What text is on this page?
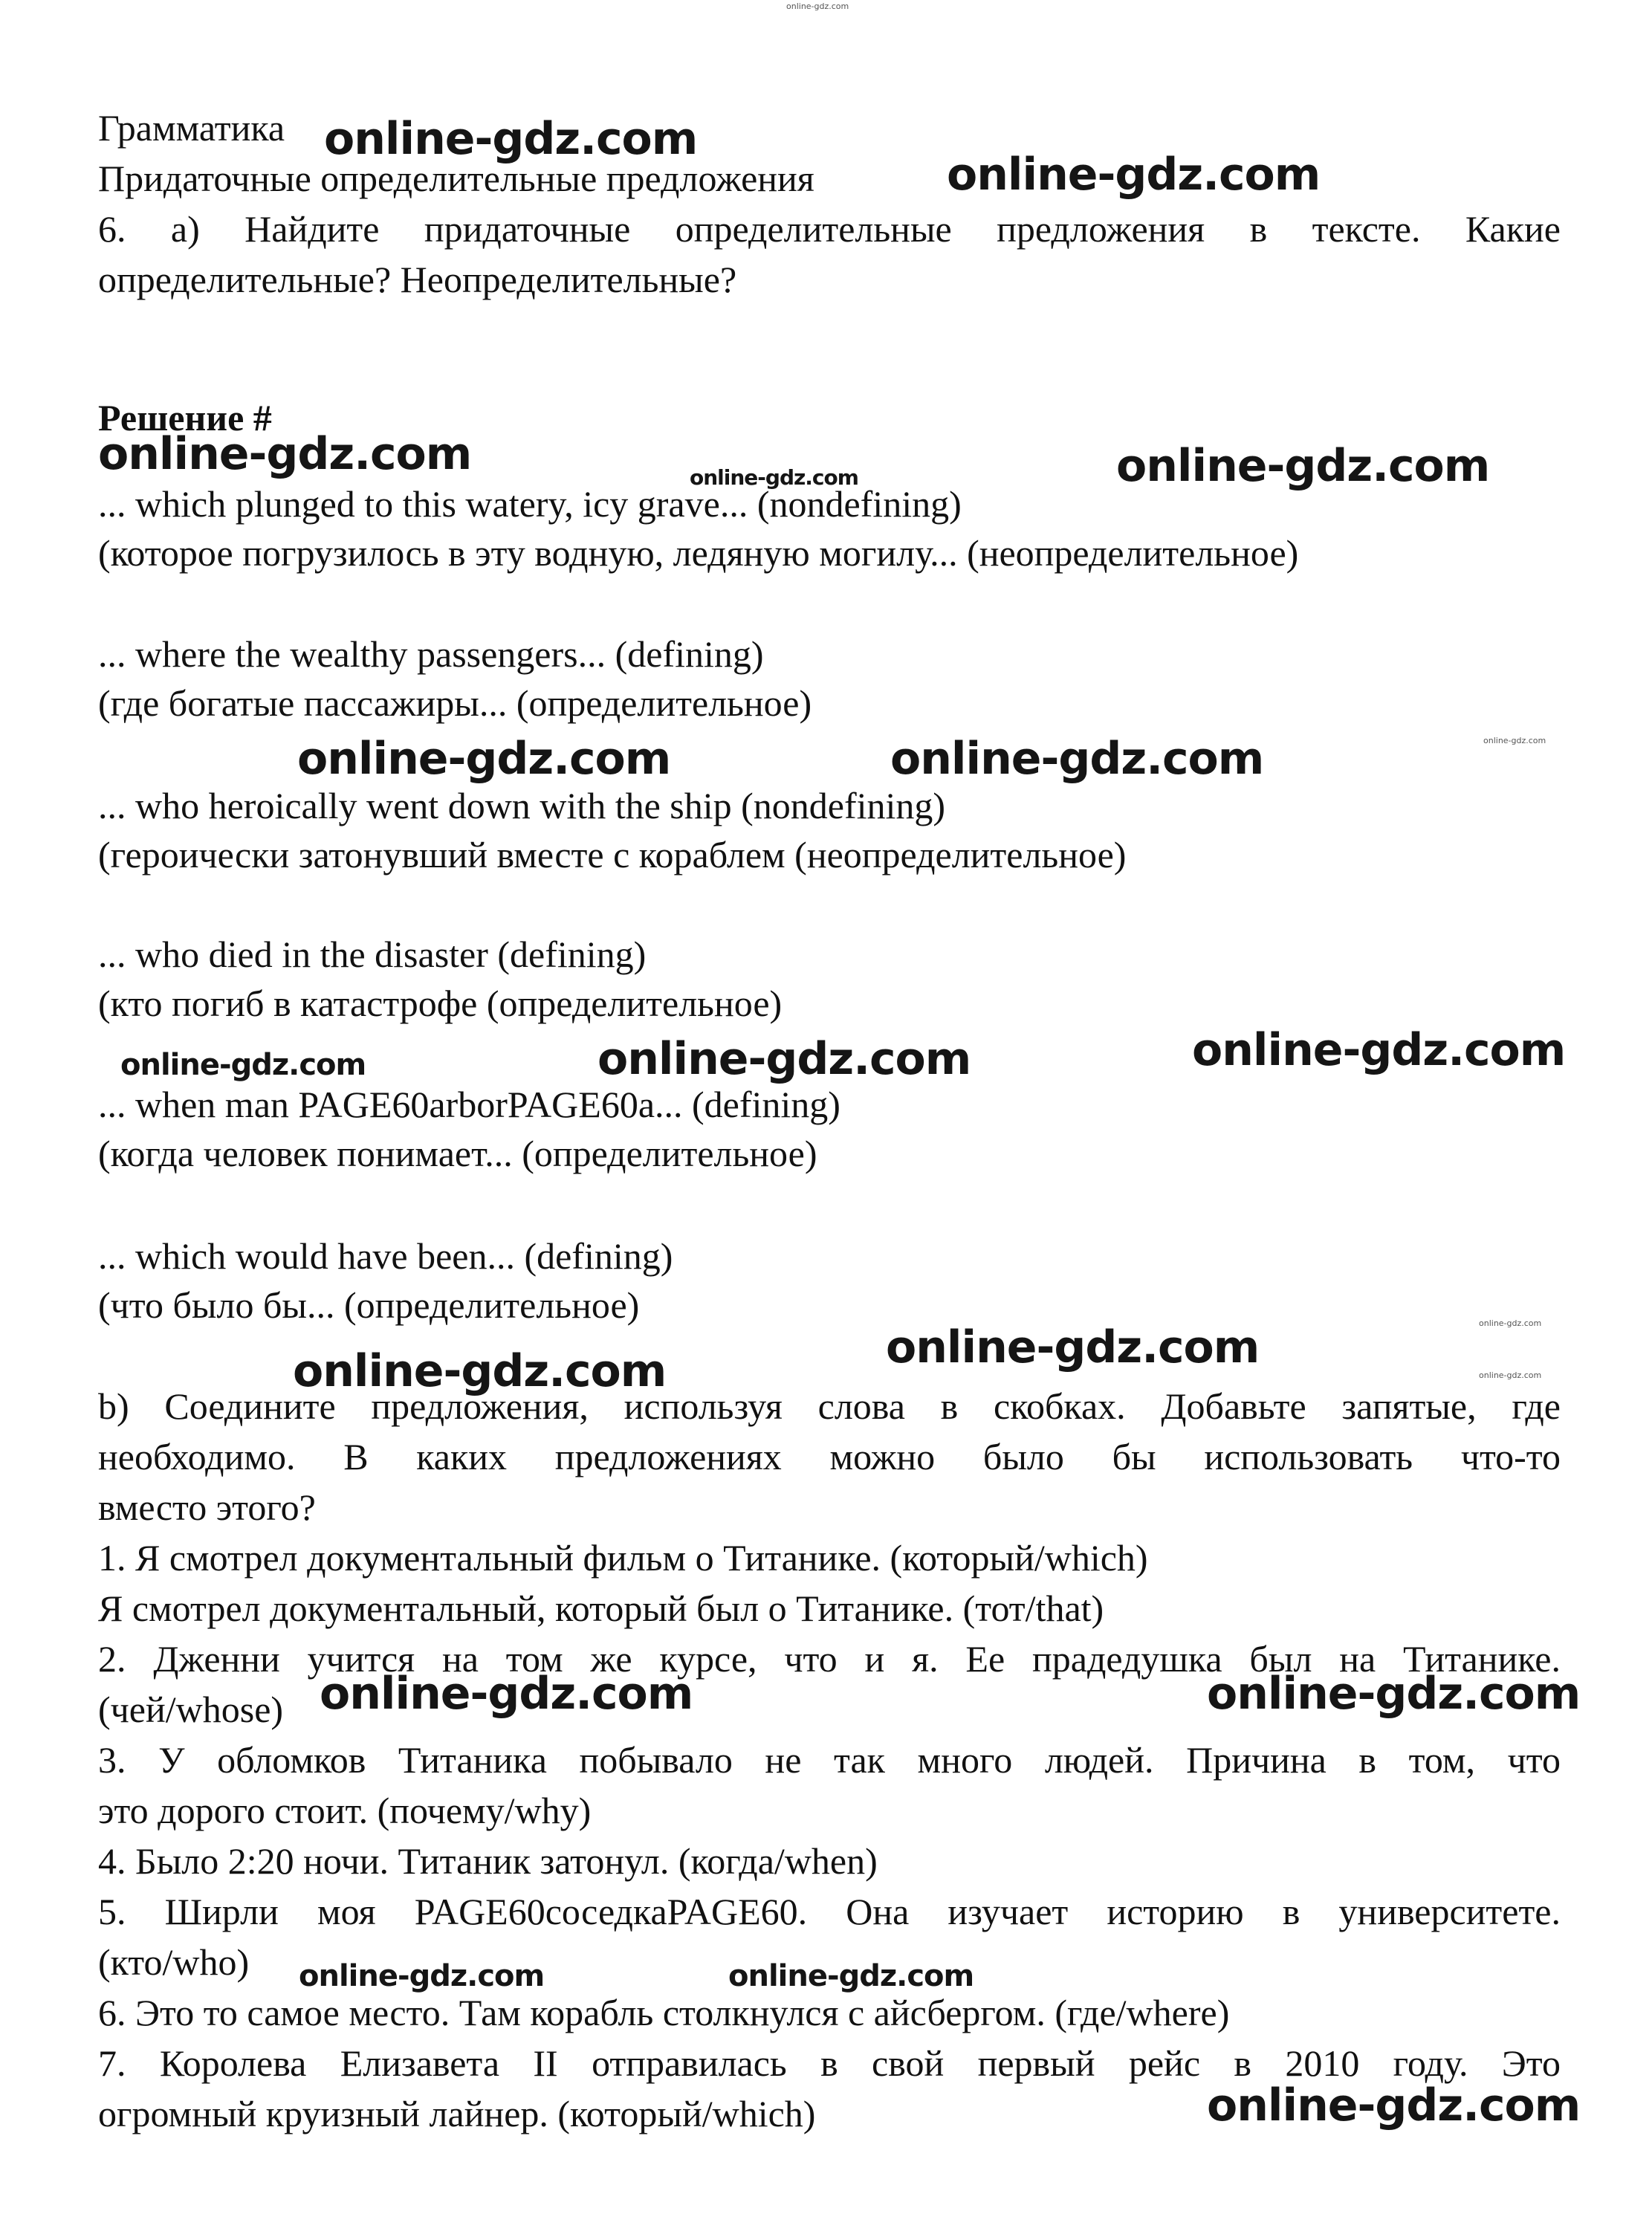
online-gdz.com
Грамматика
Придаточные определительные предложения
6. а) Найдите придаточные определительные предложения в тексте. Какие
определительные? Неопределительные?
Решение #
... which plunged to this watery, icy grave... (nondefining)
(которое погрузилось в эту водную, ледяную могилу... (неопределительное)
... where the wealthy passengers... (defining)
(где богатые пассажиры... (определительное)
... who heroically went down with the ship (nondefining)
(героически затонувший вместе с кораблем (неопределительное)
... who died in the disaster (defining)
(кто погиб в катастрофе (определительное)
... when man PAGE60arborPAGE60a... (defining)
(когда человек понимает... (определительное)
... which would have been... (defining)
(что было бы... (определительное)
b) Соедините предложения, используя слова в скобках. Добавьте запятые, где
необходимо. В каких предложениях можно было бы использовать что-то
вместо этого?
1. Я смотрел документальный фильм о Титанике. (который/which)
Я смотрел документальный, который был о Титанике. (тот/that)
2. Дженни учится на том же курсе, что и я. Ее прадедушка был на Титанике.
(чей/whose)
3. У обломков Титаника побывало не так много людей. Причина в том, что
это дорого стоит. (почему/why)
4. Было 2:20 ночи. Титаник затонул. (когда/when)
5. Ширли моя PAGE60соседкаPAGE60. Она изучает историю в университете.
(кто/who)
6. Это то самое место. Там корабль столкнулся с айсбергом. (где/where)
7. Королева Елизавета II отправилась в свой первый рейс в 2010 году. Это
огромный круизный лайнер. (который/which)
online-gdz.com
online-gdz.com
online-gdz.com	online-gdz.com	online-gdz.com
online-gdz.com	online-gdz.com	online-gdz.com
online-gdz.com	online-gdz.com	online-gdz.com
online-gdz.com	online-gdz.com
online-gdz.com
online-gdz.com
online-gdz.com	online-gdz.com
online-gdz.com	online-gdz.com
online-gdz.com
